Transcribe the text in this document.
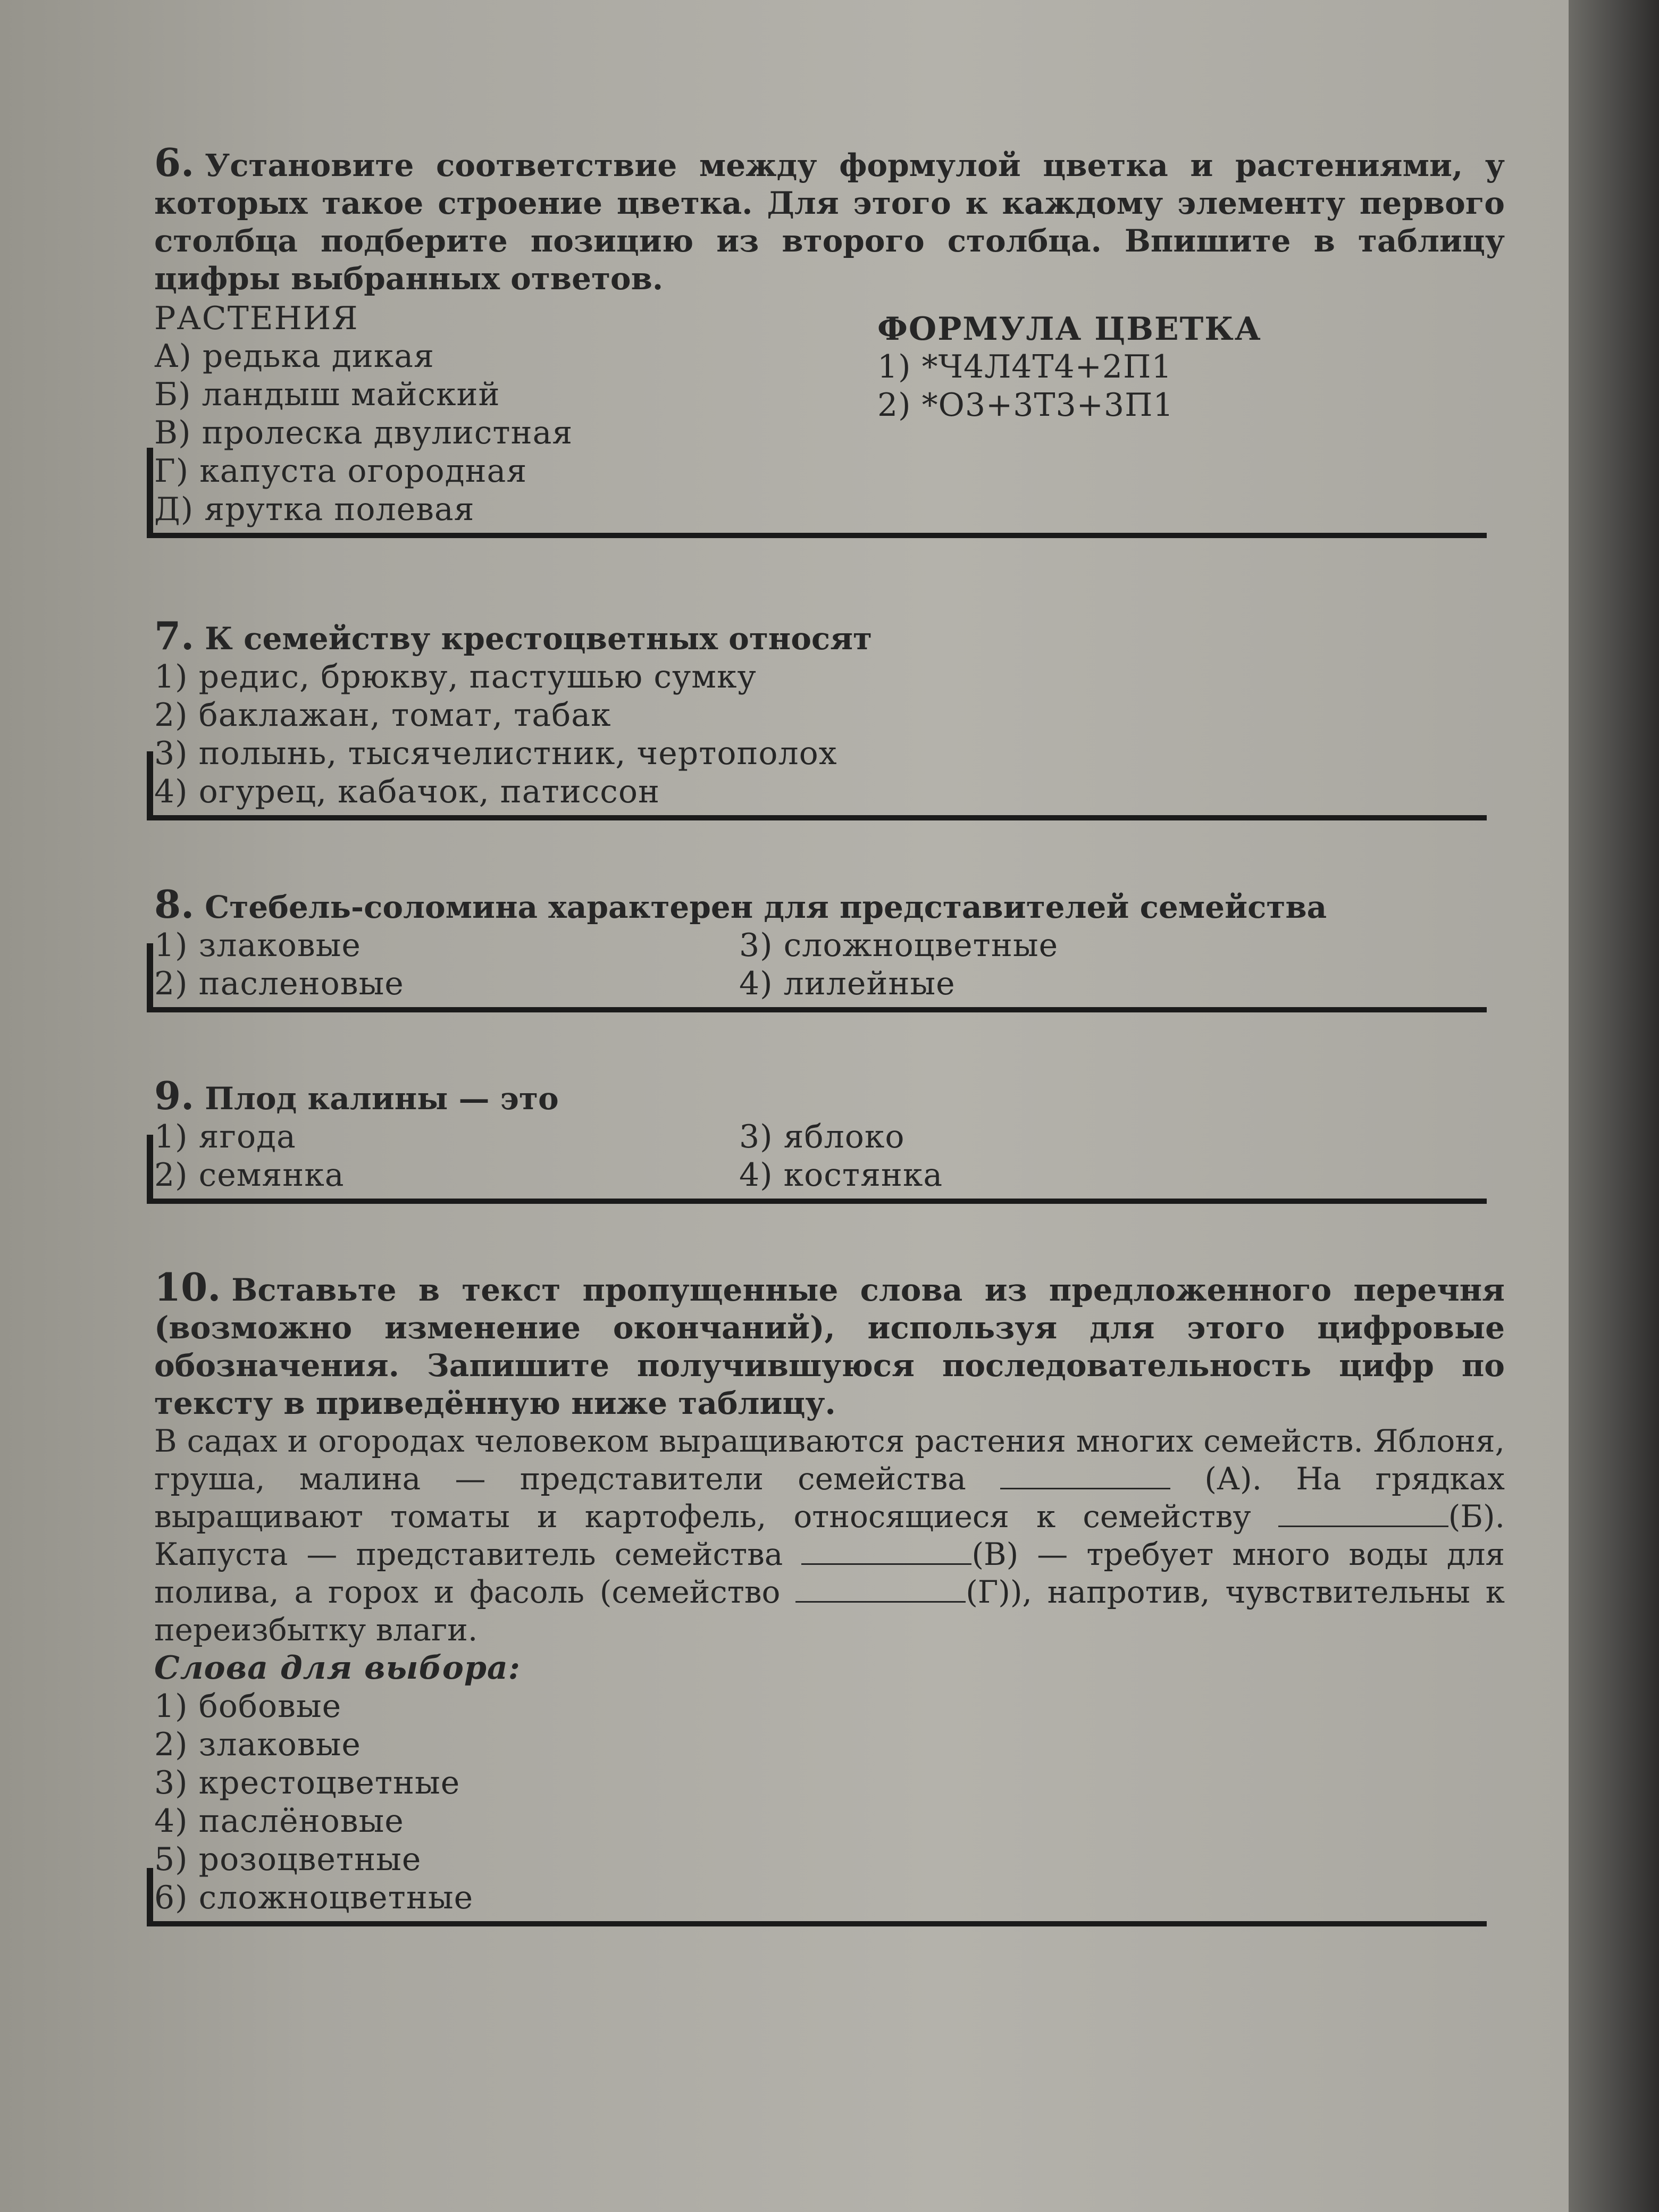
6. Установите соответствие между формулой цветка и растениями, у которых такое строение цветка. Для этого к каждому элементу первого столбца подберите позицию из второго столбца. Впишите в таблицу цифры выбранных ответов.
РАСТЕНИЯ
А) редька дикая
Б) ландыш майский
В) пролеска двулистная
Г) капуста огородная
Д) ярутка полевая
ФОРМУЛА ЦВЕТКА
1) *Ч4Л4Т4+2П1
2) *О3+3Т3+3П1
7. К семейству крестоцветных относят
1) редис, брюкву, пастушью сумку
2) баклажан, томат, табак
3) полынь, тысячелистник, чертополох
4) огурец, кабачок, патиссон
8. Стебель-соломина характерен для представителей семейства
1) злаковые
2) пасленовые
3) сложноцветные
4) лилейные
9. Плод калины — это
1) ягода
2) семянка
3) яблоко
4) костянка
10. Вставьте в текст пропущенные слова из предложенного перечня (возможно изменение окончаний), используя для этого цифровые обозначения. Запишите получившуюся последовательность цифр по тексту в приведённую ниже таблицу.
В садах и огородах человеком выращиваются растения многих семейств. Яблоня, груша, малина — представители семейства	(А). На грядках выращивают томаты и картофель, относящиеся к семейству	(Б). Капуста — представитель семейства	(В) — требует много воды для полива, а горох и фасоль (семейство	(Г)), напротив, чувствительны к переизбытку влаги.
Слова для выбора:
1) бобовые
2) злаковые
3) крестоцветные
4) паслёновые
5) розоцветные
6) сложноцветные
